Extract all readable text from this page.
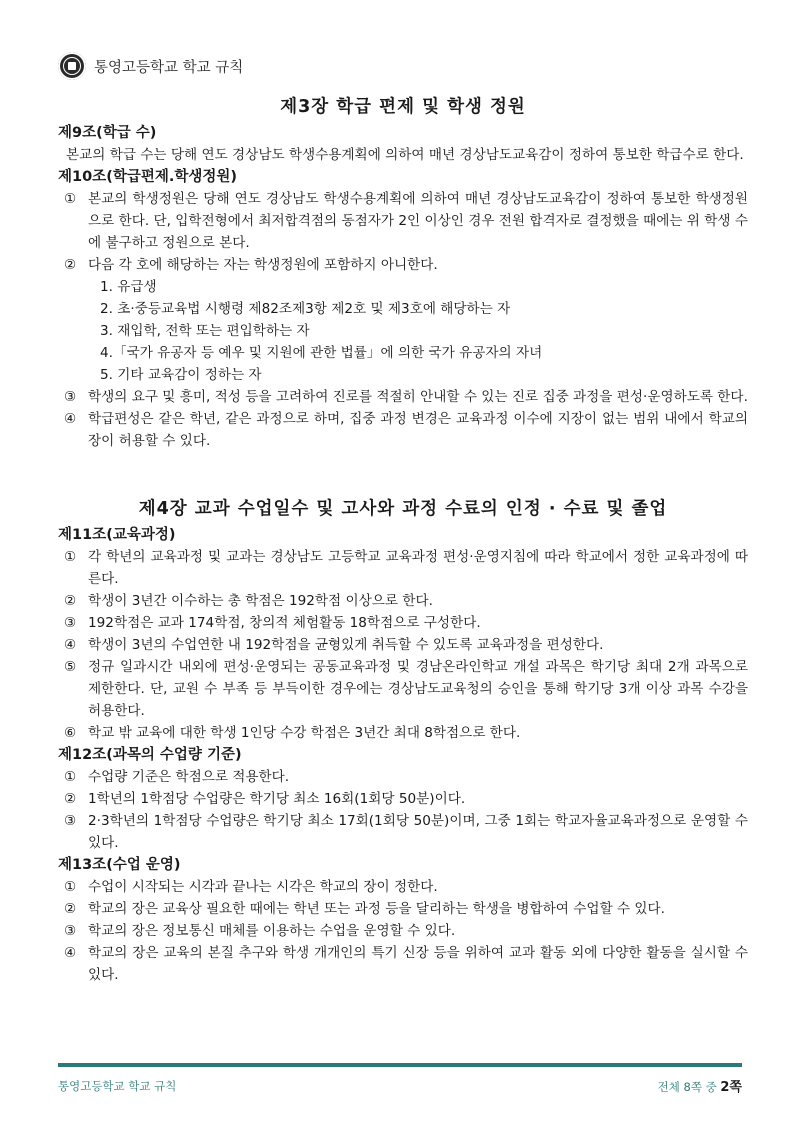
통영고등학교 학교 규칙
제3장 학급 편제 및 학생 정원

제9조(학급 수)

본교의 학급 수는 당해 연도 경상남도 학생수용계획에 의하여 매년 경상남도교육감이 정하여 통보한 학급수로 한다.

제10조(학급편제.학생정원)

① 본교의 학생정원은 당해 연도 경상남도 학생수용계획에 의하여 매년 경상남도교육감이 정하여 통보한 학생정원으로 한다. 단, 입학전형에서 최저합격점의 동점자가 2인 이상인 경우 전원 합격자로 결정했을 때에는 위 학생 수에 불구하고 정원으로 본다.
② 다음 각 호에 해당하는 자는 학생정원에 포함하지 아니한다.

1. 유급생

2. 초·중등교육법 시행령 제82조제3항 제2호 및 제3호에 해당하는 자

3. 재입학, 전학 또는 편입학하는 자

4.「국가 유공자 등 예우 및 지원에 관한 법률」에 의한 국가 유공자의 자녀

5. 기타 교육감이 정하는 자

③ 학생의 요구 및 흥미, 적성 등을 고려하여 진로를 적절히 안내할 수 있는 진로 집중 과정을 편성·운영하도록 한다.
④ 학급편성은 같은 학년, 같은 과정으로 하며, 집중 과정 변경은 교육과정 이수에 지장이 없는 범위 내에서 학교의 장이 허용할 수 있다.
제4장 교과 수업일수 및 고사와 과정 수료의 인정 · 수료 및 졸업

제11조(교육과정)

① 각 학년의 교육과정 및 교과는 경상남도 고등학교 교육과정 편성·운영지침에 따라 학교에서 정한 교육과정에 따른다.
② 학생이 3년간 이수하는 총 학점은 192학점 이상으로 한다.
③ 192학점은 교과 174학점, 창의적 체험활동 18학점으로 구성한다.
④ 학생이 3년의 수업연한 내 192학점을 균형있게 취득할 수 있도록 교육과정을 편성한다.
⑤ 정규 일과시간 내외에 편성·운영되는 공동교육과정 및 경남온라인학교 개설 과목은 학기당 최대 2개 과목으로 제한한다. 단, 교원 수 부족 등 부득이한 경우에는 경상남도교육청의 승인을 통해 학기당 3개 이상 과목 수강을 허용한다.
⑥ 학교 밖 교육에 대한 학생 1인당 수강 학점은 3년간 최대 8학점으로 한다.

제12조(과목의 수업량 기준)

① 수업량 기준은 학점으로 적용한다.
② 1학년의 1학점당 수업량은 학기당 최소 16회(1회당 50분)이다.
③ 2·3학년의 1학점당 수업량은 학기당 최소 17회(1회당 50분)이며, 그중 1회는 학교자율교육과정으로 운영할 수 있다.

제13조(수업 운영)

① 수업이 시작되는 시각과 끝나는 시각은 학교의 장이 정한다.
② 학교의 장은 교육상 필요한 때에는 학년 또는 과정 등을 달리하는 학생을 병합하여 수업할 수 있다.
③ 학교의 장은 정보통신 매체를 이용하는 수업을 운영할 수 있다.
④ 학교의 장은 교육의 본질 추구와 학생 개개인의 특기 신장 등을 위하여 교과 활동 외에 다양한 활동을 실시할 수 있다.
통영고등학교 학교 규칙	전체 8쪽 중 2쪽
